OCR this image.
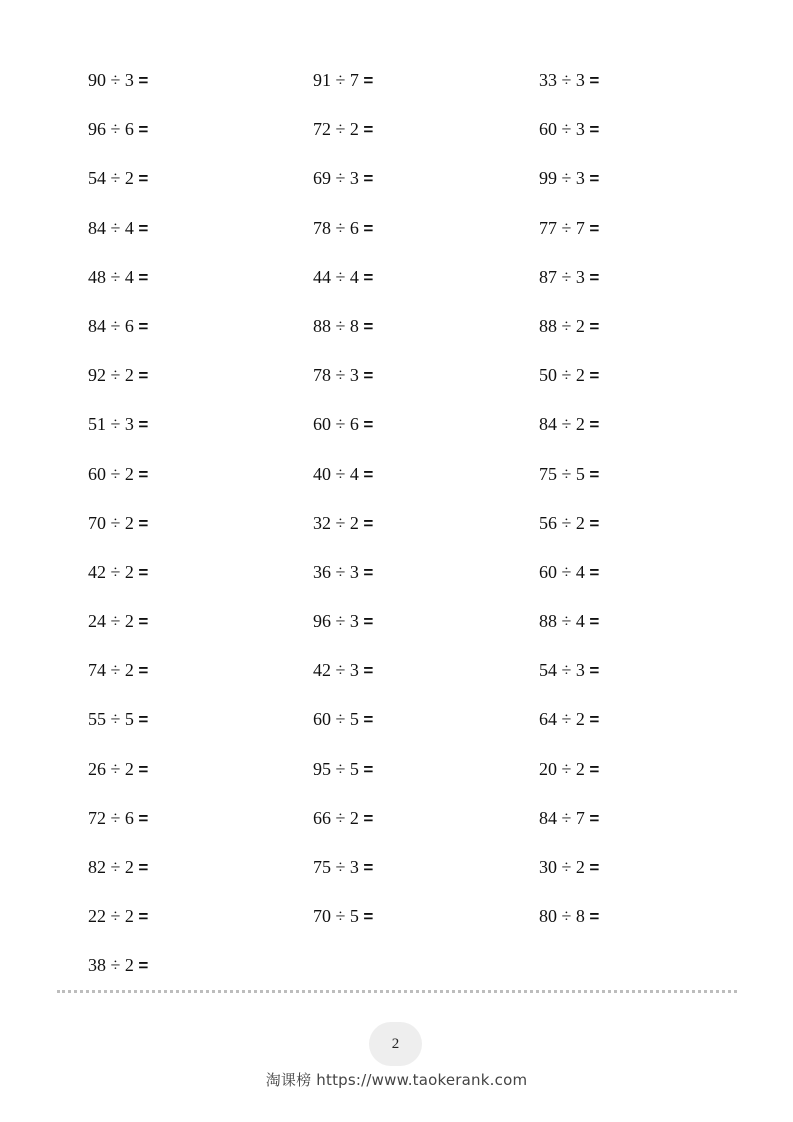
90 ÷ 3 =	91 ÷ 7 =	33 ÷ 3 =
96 ÷ 6 =	72 ÷ 2 =	60 ÷ 3 =
54 ÷ 2 =	69 ÷ 3 =	99 ÷ 3 =
84 ÷ 4 =	78 ÷ 6 =	77 ÷ 7 =
48 ÷ 4 =	44 ÷ 4 =	87 ÷ 3 =
84 ÷ 6 =	88 ÷ 8 =	88 ÷ 2 =
92 ÷ 2 =	78 ÷ 3 =	50 ÷ 2 =
51 ÷ 3 =	60 ÷ 6 =	84 ÷ 2 =
60 ÷ 2 =	40 ÷ 4 =	75 ÷ 5 =
70 ÷ 2 =	32 ÷ 2 =	56 ÷ 2 =
42 ÷ 2 =	36 ÷ 3 =	60 ÷ 4 =
24 ÷ 2 =	96 ÷ 3 =	88 ÷ 4 =
74 ÷ 2 =	42 ÷ 3 =	54 ÷ 3 =
55 ÷ 5 =	60 ÷ 5 =	64 ÷ 2 =
26 ÷ 2 =	95 ÷ 5 =	20 ÷ 2 =
72 ÷ 6 =	66 ÷ 2 =	84 ÷ 7 =
82 ÷ 2 =	75 ÷ 3 =	30 ÷ 2 =
22 ÷ 2 =	70 ÷ 5 =	80 ÷ 8 =
38 ÷ 2 =
2
淘课榜 https://www.taokerank.com
